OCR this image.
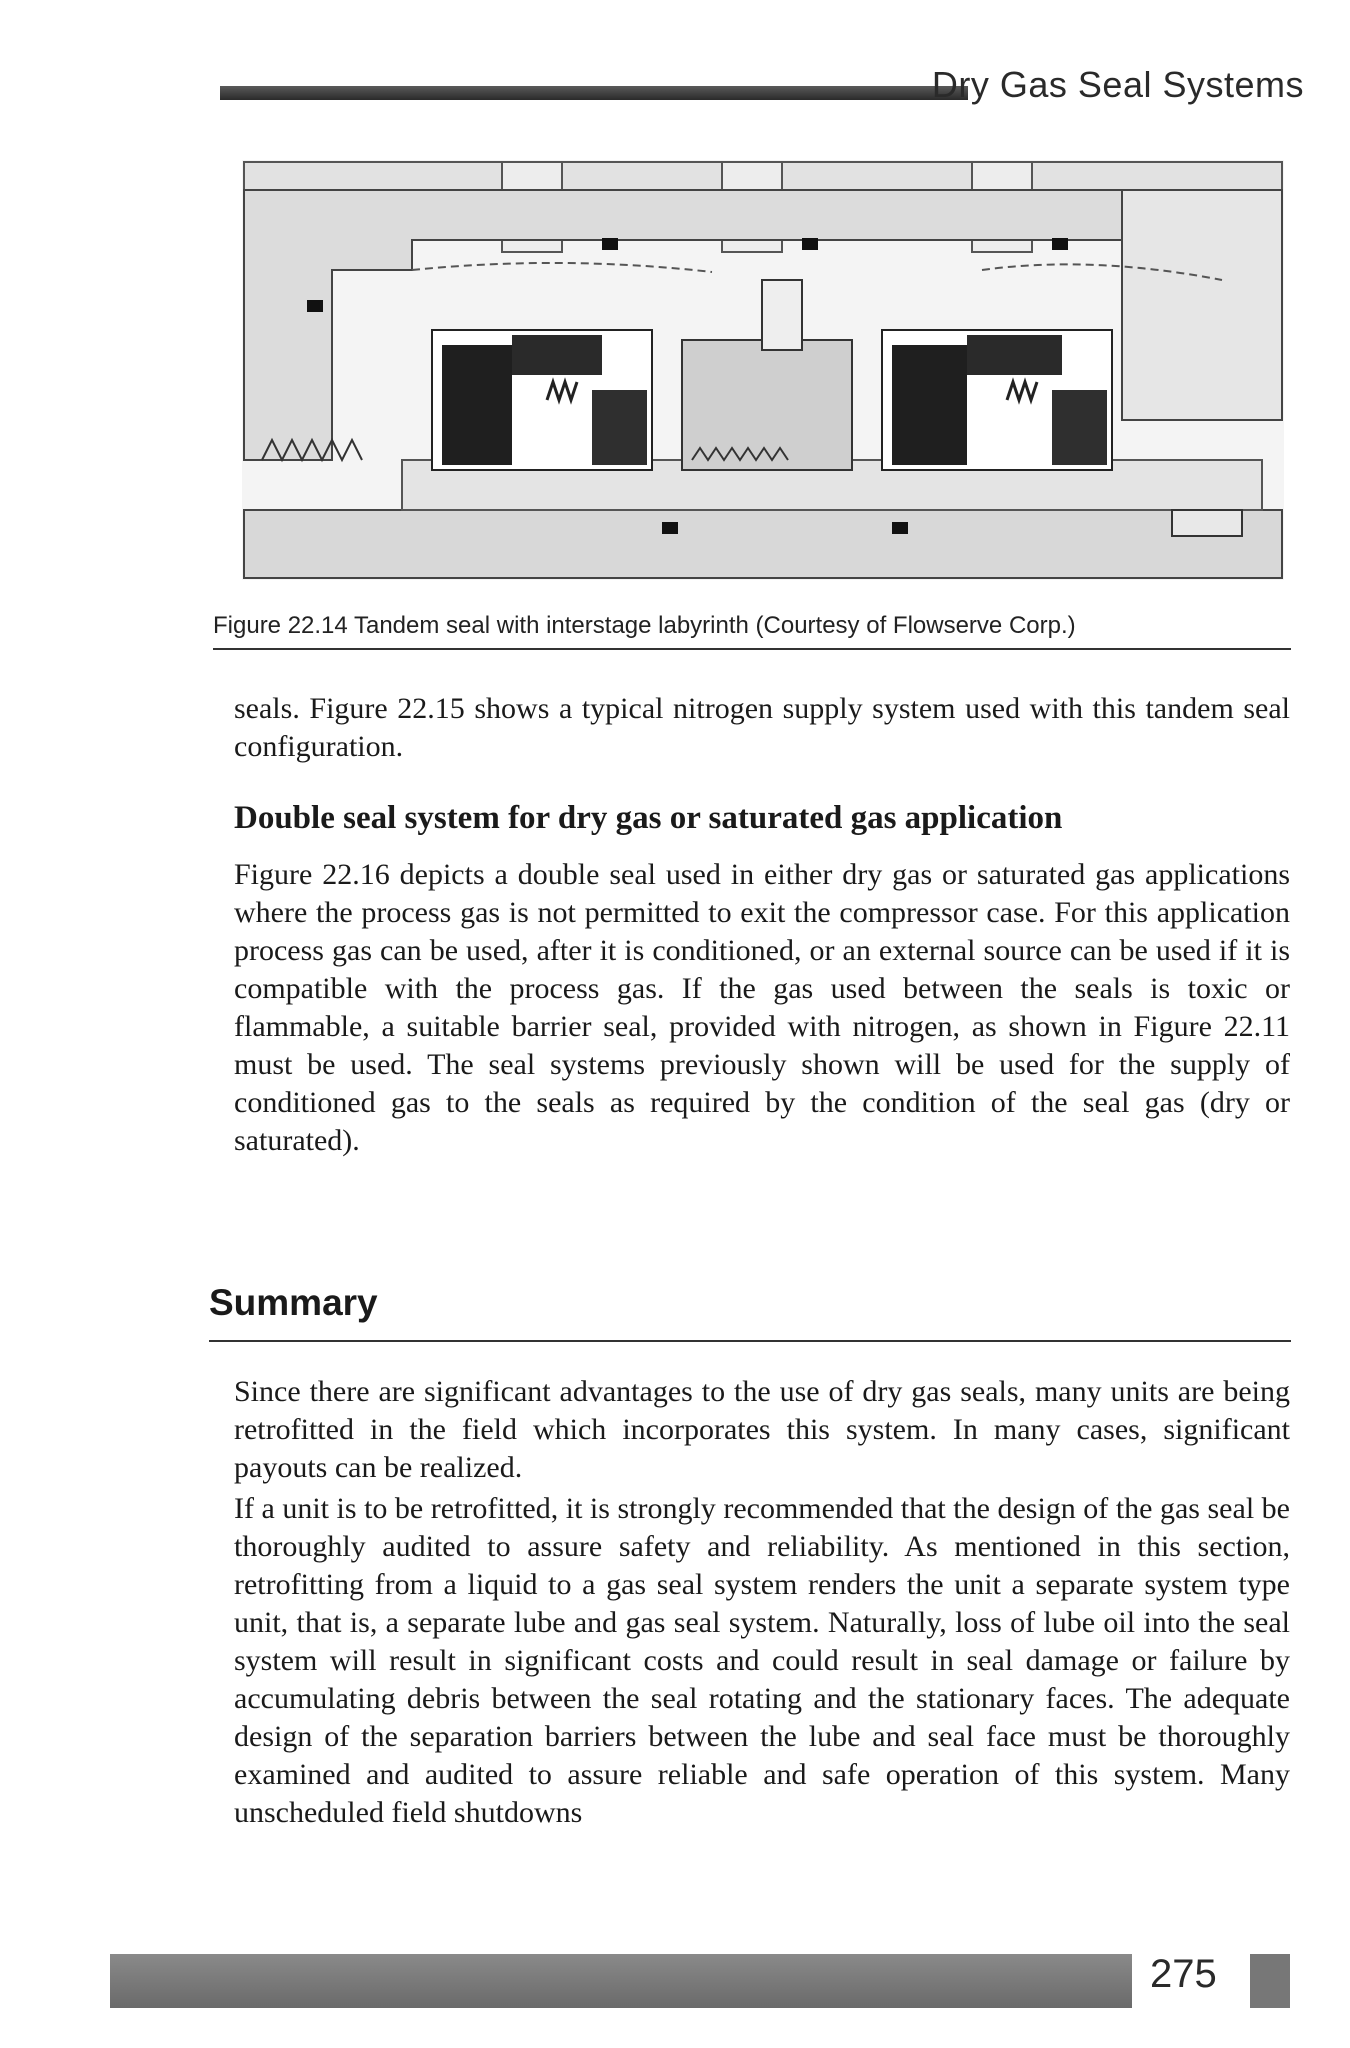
Dry Gas Seal Systems
Figure 22.14 Tandem seal with interstage labyrinth (Courtesy of Flowserve Corp.)

seals. Figure 22.15 shows a typical nitrogen supply system used with this tandem seal configuration.

Double seal system for dry gas or saturated gas application

Figure 22.16 depicts a double seal used in either dry gas or saturated gas applications where the process gas is not permitted to exit the compressor case. For this application process gas can be used, after it is conditioned, or an external source can be used if it is compatible with the process gas. If the gas used between the seals is toxic or flammable, a suitable barrier seal, provided with nitrogen, as shown in Figure 22.11 must be used. The seal systems previously shown will be used for the supply of conditioned gas to the seals as required by the condition of the seal gas (dry or saturated).

Summary

Since there are significant advantages to the use of dry gas seals, many units are being retrofitted in the field which incorporates this system. In many cases, significant payouts can be realized.

If a unit is to be retrofitted, it is strongly recommended that the design of the gas seal be thoroughly audited to assure safety and reliability. As mentioned in this section, retrofitting from a liquid to a gas seal system renders the unit a separate system type unit, that is, a separate lube and gas seal system. Naturally, loss of lube oil into the seal system will result in significant costs and could result in seal damage or failure by accumulating debris between the seal rotating and the stationary faces. The adequate design of the separation barriers between the lube and seal face must be thoroughly examined and audited to assure reliable and safe operation of this system. Many unscheduled field shutdowns

275
